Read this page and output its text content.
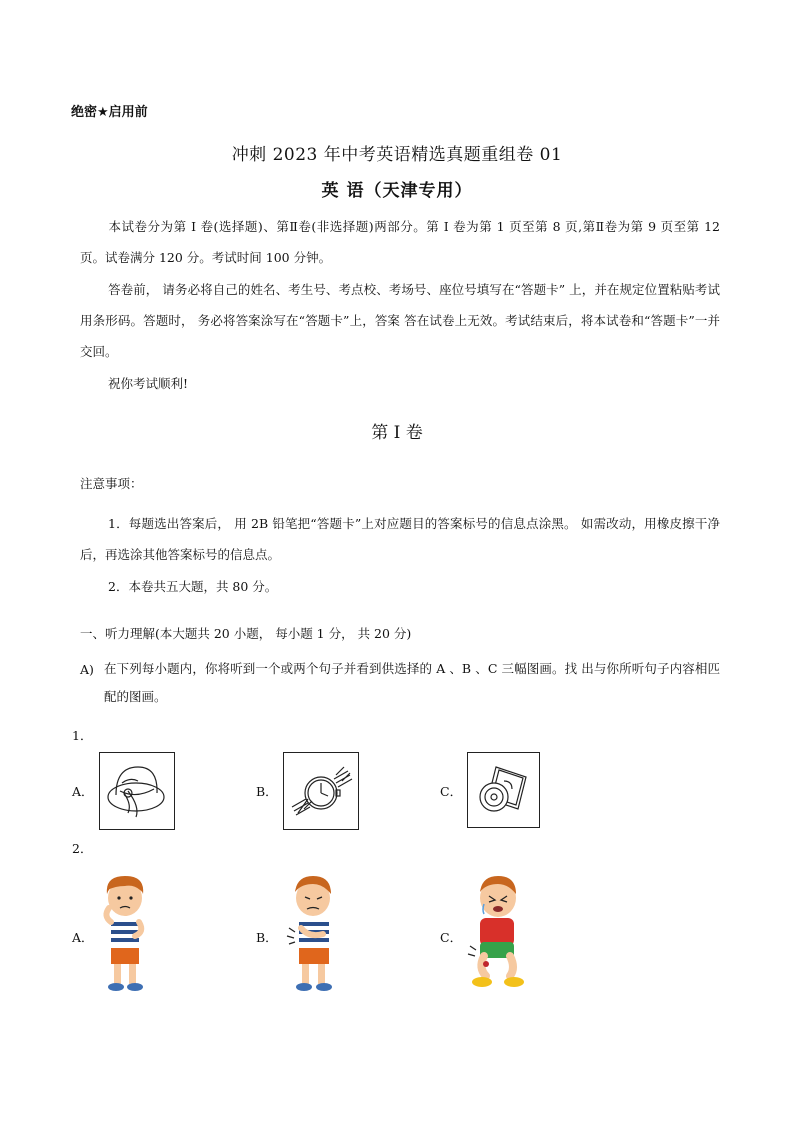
绝密★启用前
冲刺 2023 年中考英语精选真题重组卷 01
英 语（天津专用）
本试卷分为第 I 卷(选择题)、第Ⅱ卷(非选择题)两部分。第 I 卷为第 1 页至第 8 页,第Ⅱ卷为第 9 页至第 12 页。试卷满分 120 分。考试时间 100 分钟。
答卷前， 请务必将自己的姓名、考生号、考点校、考场号、座位号填写在“答题卡” 上，并在规定位置粘贴考试用条形码。答题时， 务必将答案涂写在“答题卡”上，答案 答在试卷上无效。考试结束后，将本试卷和“答题卡”一并交回。
祝你考试顺利!
第 I 卷
注意事项：
1．每题选出答案后， 用 2B 铅笔把“答题卡”上对应题目的答案标号的信息点涂黑。 如需改动，用橡皮擦干净后，再选涂其他答案标号的信息点。
2．本卷共五大题，共 80 分。
一、听力理解(本大题共 20 小题， 每小题 1 分， 共 20 分)
A) 在下列每小题内，你将听到一个或两个句子并看到供选择的 A 、B 、C 三幅图画。找 出与你所听句子内容相匹配的图画。
1．
A．	B．	C．
2．
A．	B．	C．
